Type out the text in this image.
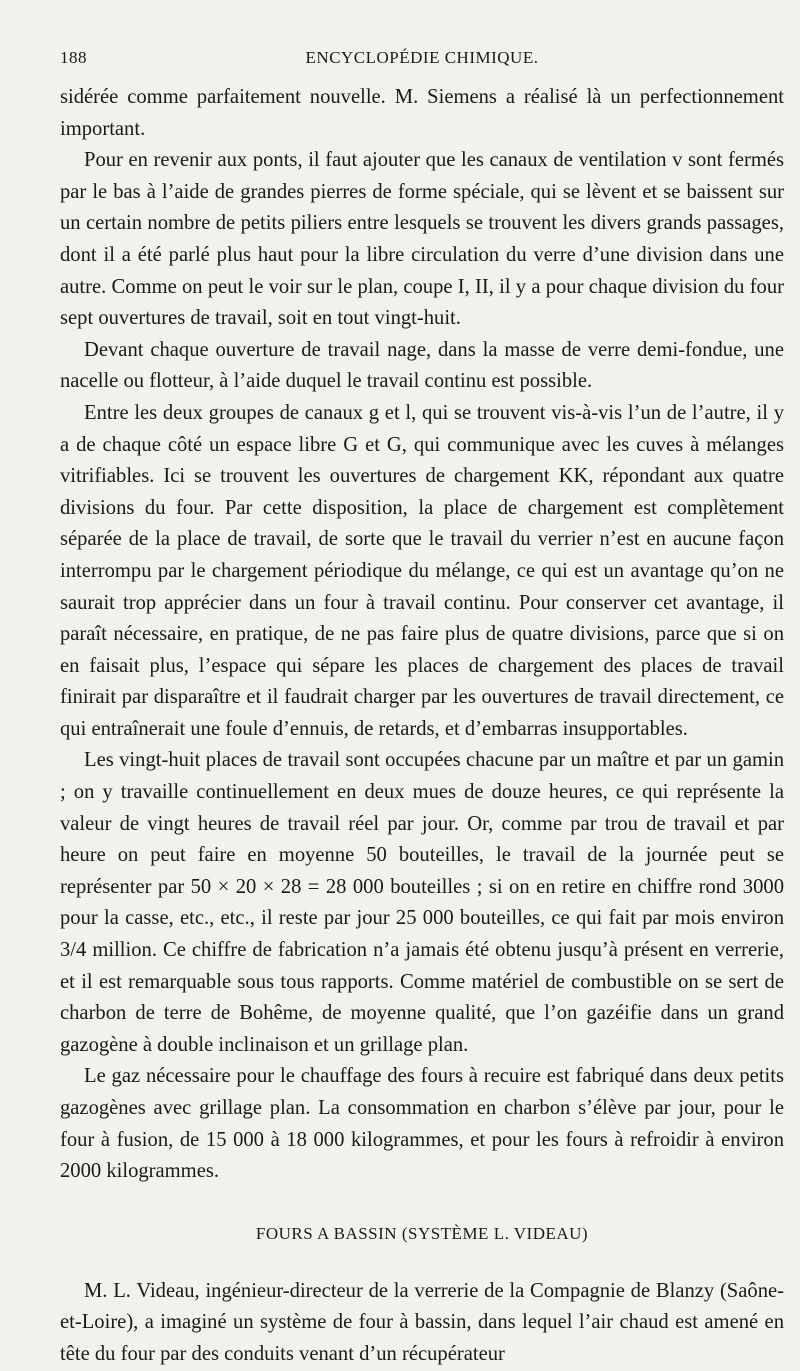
188	ENCYCLOPÉDIE CHIMIQUE.

sidérée comme parfaitement nouvelle. M. Siemens a réalisé là un perfectionnement important.

Pour en revenir aux ponts, il faut ajouter que les canaux de ventilation v sont fermés par le bas à l’aide de grandes pierres de forme spéciale, qui se lèvent et se baissent sur un certain nombre de petits piliers entre lesquels se trouvent les divers grands passages, dont il a été parlé plus haut pour la libre circulation du verre d’une division dans une autre. Comme on peut le voir sur le plan, coupe I, II, il y a pour chaque division du four sept ouvertures de travail, soit en tout vingt-huit.

Devant chaque ouverture de travail nage, dans la masse de verre demi-fondue, une nacelle ou flotteur, à l’aide duquel le travail continu est possible.

Entre les deux groupes de canaux g et l, qui se trouvent vis-à-vis l’un de l’autre, il y a de chaque côté un espace libre G et G, qui communique avec les cuves à mélanges vitrifiables. Ici se trouvent les ouvertures de chargement KK, répondant aux quatre divisions du four. Par cette disposition, la place de chargement est complètement séparée de la place de travail, de sorte que le travail du verrier n’est en aucune façon interrompu par le chargement périodique du mélange, ce qui est un avantage qu’on ne saurait trop apprécier dans un four à travail continu. Pour conserver cet avantage, il paraît nécessaire, en pratique, de ne pas faire plus de quatre divisions, parce que si on en faisait plus, l’espace qui sépare les places de chargement des places de travail finirait par disparaître et il faudrait charger par les ouvertures de travail directement, ce qui entraînerait une foule d’ennuis, de retards, et d’embarras insupportables.

Les vingt-huit places de travail sont occupées chacune par un maître et par un gamin ; on y travaille continuellement en deux mues de douze heures, ce qui représente la valeur de vingt heures de travail réel par jour. Or, comme par trou de travail et par heure on peut faire en moyenne 50 bouteilles, le travail de la journée peut se représenter par 50 × 20 × 28 = 28 000 bouteilles ; si on en retire en chiffre rond 3000 pour la casse, etc., etc., il reste par jour 25 000 bouteilles, ce qui fait par mois environ 3/4 million. Ce chiffre de fabrication n’a jamais été obtenu jusqu’à présent en verrerie, et il est remarquable sous tous rapports. Comme matériel de combustible on se sert de charbon de terre de Bohême, de moyenne qualité, que l’on gazéifie dans un grand gazogène à double inclinaison et un grillage plan.

Le gaz nécessaire pour le chauffage des fours à recuire est fabriqué dans deux petits gazogènes avec grillage plan. La consommation en charbon s’élève par jour, pour le four à fusion, de 15 000 à 18 000 kilogrammes, et pour les fours à refroidir à environ 2000 kilogrammes.

FOURS A BASSIN (SYSTÈME L. VIDEAU)

M. L. Videau, ingénieur-directeur de la verrerie de la Compagnie de Blanzy (Saône-et-Loire), a imaginé un système de four à bassin, dans lequel l’air chaud est amené en tête du four par des conduits venant d’un récupérateur
